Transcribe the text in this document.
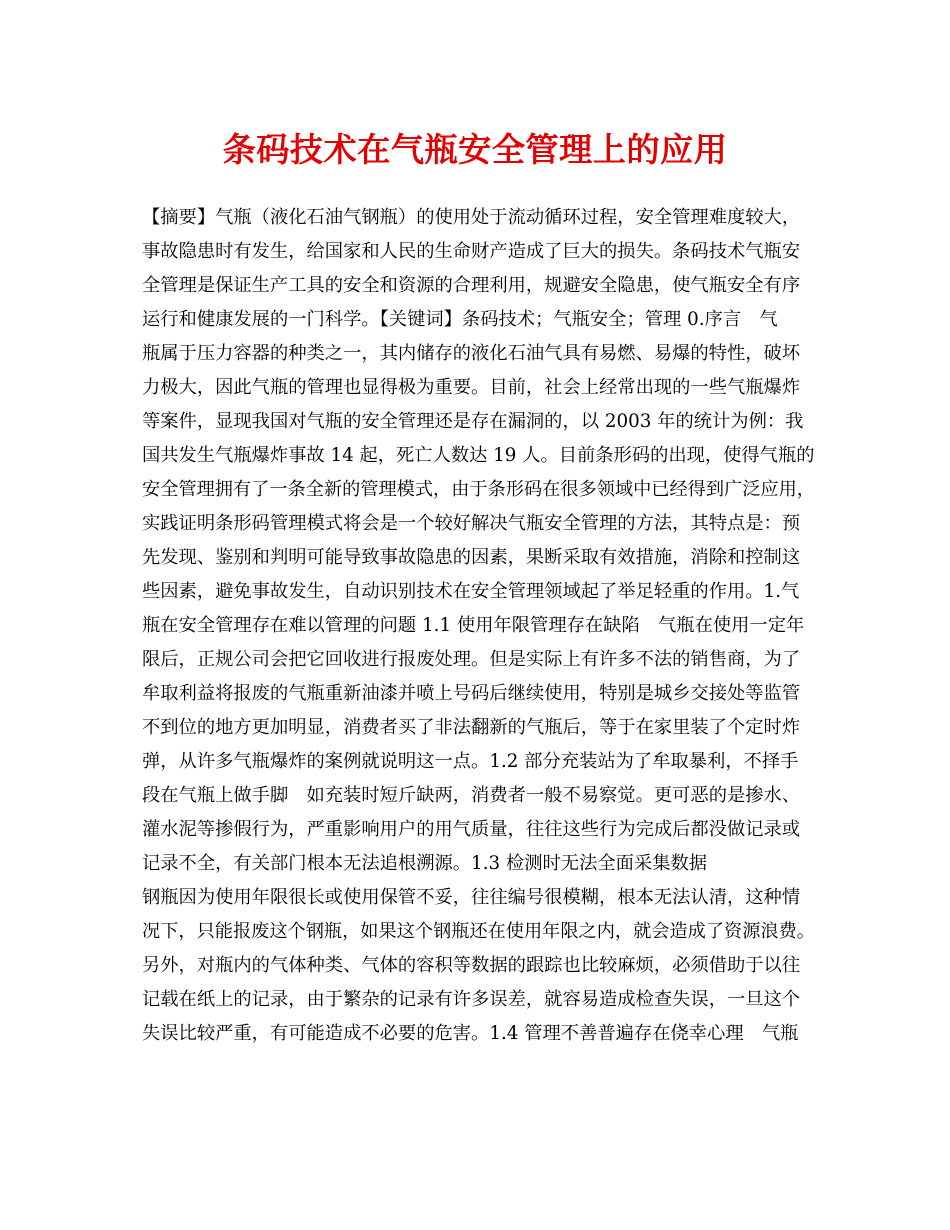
条码技术在气瓶安全管理上的应用
【摘要】气瓶（液化石油气钢瓶）的使用处于流动循环过程，安全管理难度较大，
事故隐患时有发生，给国家和人民的生命财产造成了巨大的损失。条码技术气瓶安
全管理是保证生产工具的安全和资源的合理利用，规避安全隐患，使气瓶安全有序
运行和健康发展的一门科学。【关键词】条码技术；气瓶安全；管理 0.序言　气
瓶属于压力容器的种类之一，其内储存的液化石油气具有易燃、易爆的特性，破坏
力极大，因此气瓶的管理也显得极为重要。目前，社会上经常出现的一些气瓶爆炸
等案件，显现我国对气瓶的安全管理还是存在漏洞的，以 2003 年的统计为例：我
国共发生气瓶爆炸事故 14 起，死亡人数达 19 人。目前条形码的出现，使得气瓶的
安全管理拥有了一条全新的管理模式，由于条形码在很多领域中已经得到广泛应用，
实践证明条形码管理模式将会是一个较好解决气瓶安全管理的方法，其特点是：预
先发现、鉴别和判明可能导致事故隐患的因素，果断采取有效措施，消除和控制这
些因素，避免事故发生，自动识别技术在安全管理领域起了举足轻重的作用。1.气
瓶在安全管理存在难以管理的问题 1.1 使用年限管理存在缺陷　气瓶在使用一定年
限后，正规公司会把它回收进行报废处理。但是实际上有许多不法的销售商，为了
牟取利益将报废的气瓶重新油漆并喷上号码后继续使用，特别是城乡交接处等监管
不到位的地方更加明显，消费者买了非法翻新的气瓶后，等于在家里装了个定时炸
弹，从许多气瓶爆炸的案例就说明这一点。1.2 部分充装站为了牟取暴利，不择手
段在气瓶上做手脚　如充装时短斤缺两，消费者一般不易察觉。更可恶的是掺水、
灌水泥等掺假行为，严重影响用户的用气质量，往往这些行为完成后都没做记录或
记录不全，有关部门根本无法追根溯源。1.3 检测时无法全面采集数据
钢瓶因为使用年限很长或使用保管不妥，往往编号很模糊，根本无法认清，这种情
况下，只能报废这个钢瓶，如果这个钢瓶还在使用年限之内，就会造成了资源浪费。
另外，对瓶内的气体种类、气体的容积等数据的跟踪也比较麻烦，必须借助于以往
记载在纸上的记录，由于繁杂的记录有许多误差，就容易造成检查失误，一旦这个
失误比较严重，有可能造成不必要的危害。1.4 管理不善普遍存在侥幸心理　气瓶
